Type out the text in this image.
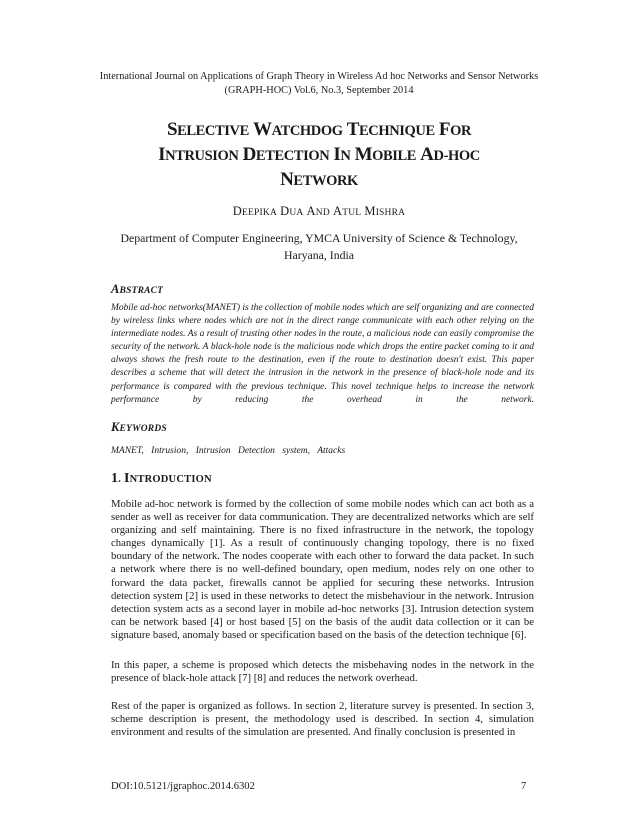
International Journal on Applications of Graph Theory in Wireless Ad hoc Networks and Sensor Networks
(GRAPH-HOC) Vol.6, No.3, September 2014
SELECTIVE WATCHDOG TECHNIQUE FOR
INTRUSION DETECTION IN MOBILE AD-HOC
NETWORK
DEEPIKA DUA AND ATUL MISHRA
Department of Computer Engineering, YMCA University of Science & Technology,
Haryana, India
ABSTRACT
Mobile ad-hoc networks(MANET) is the collection of mobile nodes which are self organizing and are connected by wireless links where nodes which are not in the direct range communicate with each other relying on the intermediate nodes. As a result of trusting other nodes in the route, a malicious node can easily compromise the security of the network. A black-hole node is the malicious node which drops the entire packet coming to it and always shows the fresh route to the destination, even if the route to destination doesn't exist. This paper describes a scheme that will detect the intrusion in the network in the presence of black-hole node and its performance is compared with the previous technique. This novel technique helps to increase the network performance by reducing the overhead in the network.
KEYWORDS
MANET, Intrusion, Intrusion Detection system, Attacks
1. INTRODUCTION
Mobile ad-hoc network is formed by the collection of some mobile nodes which can act both as a sender as well as receiver for data communication. They are decentralized networks which are self organizing and self maintaining. There is no fixed infrastructure in the network, the topology changes dynamically [1]. As a result of continuously changing topology, there is no fixed boundary of the network. The nodes cooperate with each other to forward the data packet. In such a network where there is no well-defined boundary, open medium, nodes rely on one other to forward the data packet, firewalls cannot be applied for securing these networks. Intrusion detection system [2] is used in these networks to detect the misbehaviour in the network. Intrusion detection system acts as a second layer in mobile ad-hoc networks [3]. Intrusion detection system can be network based [4] or host based [5] on the basis of the audit data collection or it can be signature based, anomaly based or specification based on the basis of the detection technique [6].
In this paper, a scheme is proposed which detects the misbehaving nodes in the network in the presence of black-hole attack [7] [8] and reduces the network overhead.
Rest of the paper is organized as follows. In section 2, literature survey is presented. In section 3, scheme description is present, the methodology used is described. In section 4, simulation environment and results of the simulation are presented. And finally conclusion is presented in
DOI:10.5121/jgraphoc.2014.6302	7
